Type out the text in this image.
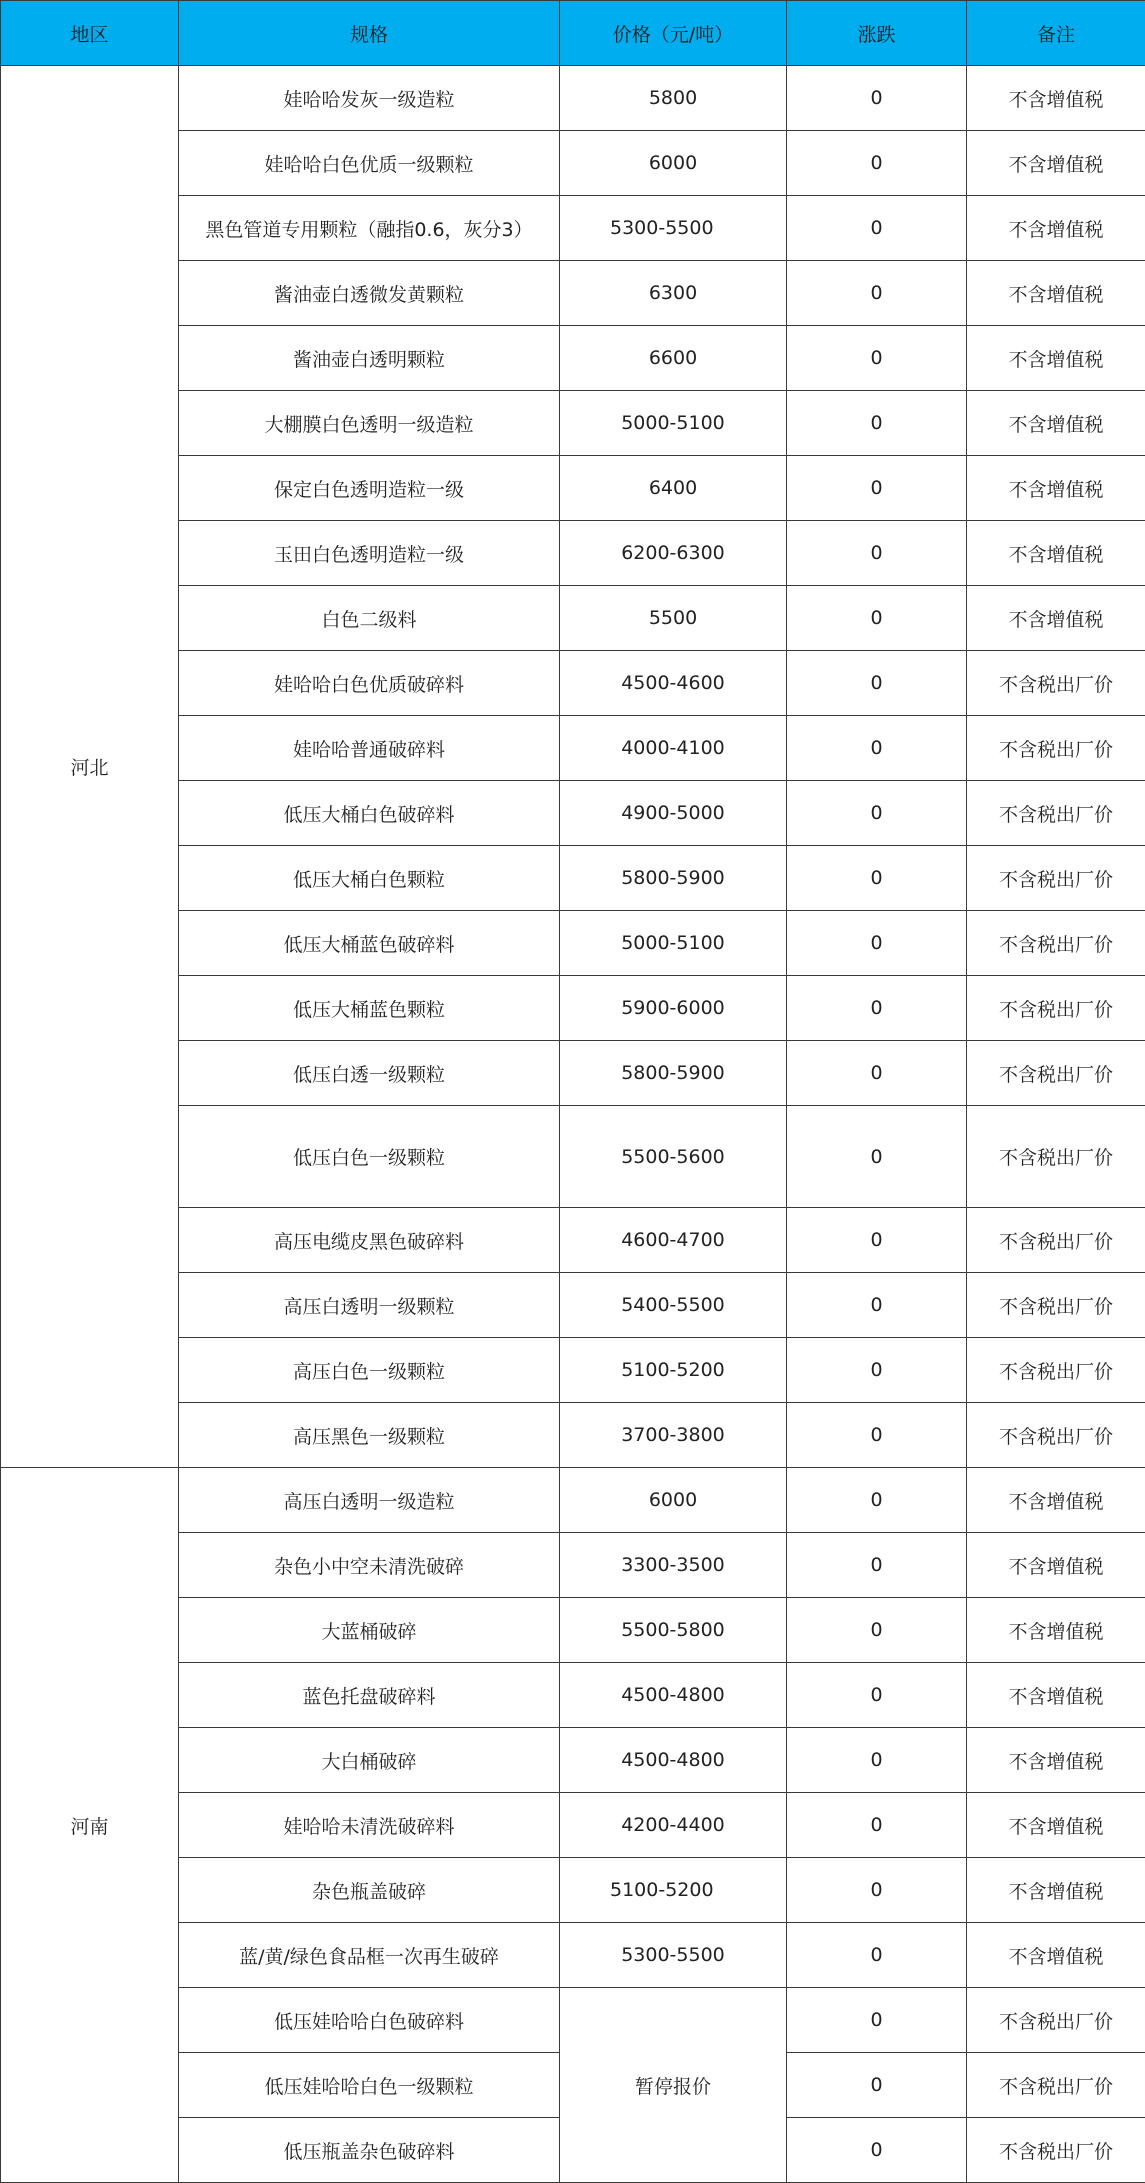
地区	规格	价格（元/吨）	涨跌	备注
河北	娃哈哈发灰一级造粒	5800	0	不含增值税
	娃哈哈白色优质一级颗粒	6000	0	不含增值税
	黑色管道专用颗粒（融指0.6，灰分3）	5300-5500	0	不含增值税
	酱油壶白透微发黄颗粒	6300	0	不含增值税
	酱油壶白透明颗粒	6600	0	不含增值税
	大棚膜白色透明一级造粒	5000-5100	0	不含增值税
	保定白色透明造粒一级	6400	0	不含增值税
	玉田白色透明造粒一级	6200-6300	0	不含增值税
	白色二级料	5500	0	不含增值税
	娃哈哈白色优质破碎料	4500-4600	0	不含税出厂价
	娃哈哈普通破碎料	4000-4100	0	不含税出厂价
	低压大桶白色破碎料	4900-5000	0	不含税出厂价
	低压大桶白色颗粒	5800-5900	0	不含税出厂价
	低压大桶蓝色破碎料	5000-5100	0	不含税出厂价
	低压大桶蓝色颗粒	5900-6000	0	不含税出厂价
	低压白透一级颗粒	5800-5900	0	不含税出厂价
	低压白色一级颗粒	5500-5600	0	不含税出厂价
	高压电缆皮黑色破碎料	4600-4700	0	不含税出厂价
	高压白透明一级颗粒	5400-5500	0	不含税出厂价
	高压白色一级颗粒	5100-5200	0	不含税出厂价
	高压黑色一级颗粒	3700-3800	0	不含税出厂价
河南	高压白透明一级造粒	6000	0	不含增值税
	杂色小中空未清洗破碎	3300-3500	0	不含增值税
	大蓝桶破碎	5500-5800	0	不含增值税
	蓝色托盘破碎料	4500-4800	0	不含增值税
	大白桶破碎	4500-4800	0	不含增值税
	娃哈哈未清洗破碎料	4200-4400	0	不含增值税
	杂色瓶盖破碎	5100-5200	0	不含增值税
	蓝/黄/绿色食品框一次再生破碎	5300-5500	0	不含增值税
	低压娃哈哈白色破碎料	暂停报价	0	不含税出厂价
	低压娃哈哈白色一级颗粒		0	不含税出厂价
	低压瓶盖杂色破碎料		0	不含税出厂价
